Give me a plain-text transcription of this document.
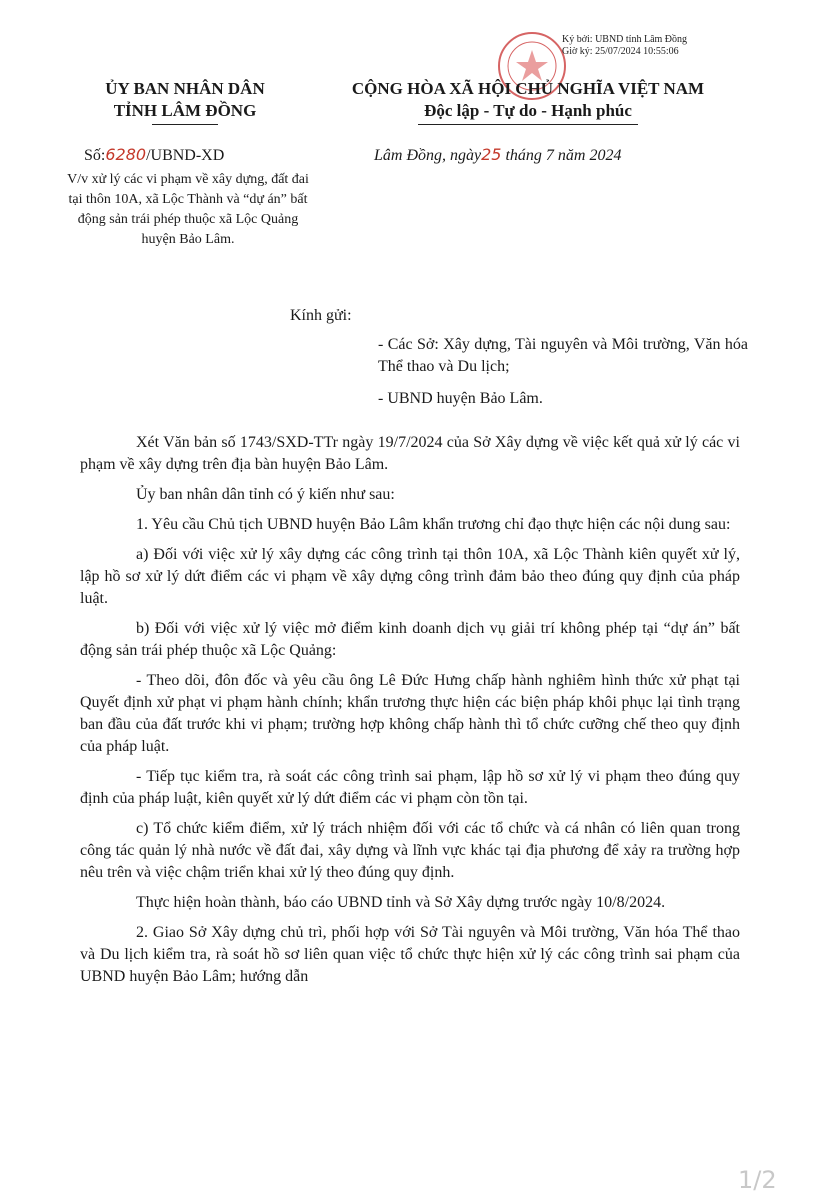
Ký bởi: UBND tỉnh Lâm Đồng
Giờ ký: 25/07/2024 10:55:06
ỦY BAN NHÂN DÂN
TỈNH LÂM ĐỒNG
CỘNG HÒA XÃ HỘI CHỦ NGHĨA VIỆT NAM
Độc lập - Tự do - Hạnh phúc
Số:6280/UBND-XD	Lâm Đồng, ngày25 tháng 7 năm 2024
V/v xử lý các vi phạm về xây dựng, đất đai tại thôn 10A, xã Lộc Thành và “dự án” bất động sản trái phép thuộc xã Lộc Quảng huyện Bảo Lâm.
Kính gửi:

- Các Sở: Xây dựng, Tài nguyên và Môi trường, Văn hóa Thể thao và Du lịch;

- UBND huyện Bảo Lâm.

Xét Văn bản số 1743/SXD-TTr ngày 19/7/2024 của Sở Xây dựng về việc kết quả xử lý các vi phạm về xây dựng trên địa bàn huyện Bảo Lâm.

Ủy ban nhân dân tỉnh có ý kiến như sau:

1. Yêu cầu Chủ tịch UBND huyện Bảo Lâm khẩn trương chỉ đạo thực hiện các nội dung sau:

a) Đối với việc xử lý xây dựng các công trình tại thôn 10A, xã Lộc Thành kiên quyết xử lý, lập hồ sơ xử lý dứt điểm các vi phạm về xây dựng công trình đảm bảo theo đúng quy định của pháp luật.

b) Đối với việc xử lý việc mở điểm kinh doanh dịch vụ giải trí không phép tại “dự án” bất động sản trái phép thuộc xã Lộc Quảng:

- Theo dõi, đôn đốc và yêu cầu ông Lê Đức Hưng chấp hành nghiêm hình thức xử phạt tại Quyết định xử phạt vi phạm hành chính; khẩn trương thực hiện các biện pháp khôi phục lại tình trạng ban đầu của đất trước khi vi phạm; trường hợp không chấp hành thì tổ chức cưỡng chế theo quy định của pháp luật.

- Tiếp tục kiểm tra, rà soát các công trình sai phạm, lập hồ sơ xử lý vi phạm theo đúng quy định của pháp luật, kiên quyết xử lý dứt điểm các vi phạm còn tồn tại.

c) Tổ chức kiểm điểm, xử lý trách nhiệm đối với các tổ chức và cá nhân có liên quan trong công tác quản lý nhà nước về đất đai, xây dựng và lĩnh vực khác tại địa phương để xảy ra trường hợp nêu trên và việc chậm triển khai xử lý theo đúng quy định.

Thực hiện hoàn thành, báo cáo UBND tỉnh và Sở Xây dựng trước ngày 10/8/2024.

2. Giao Sở Xây dựng chủ trì, phối hợp với Sở Tài nguyên và Môi trường, Văn hóa Thể thao và Du lịch kiểm tra, rà soát hồ sơ liên quan việc tổ chức thực hiện xử lý các công trình sai phạm của UBND huyện Bảo Lâm; hướng dẫn

1/2
